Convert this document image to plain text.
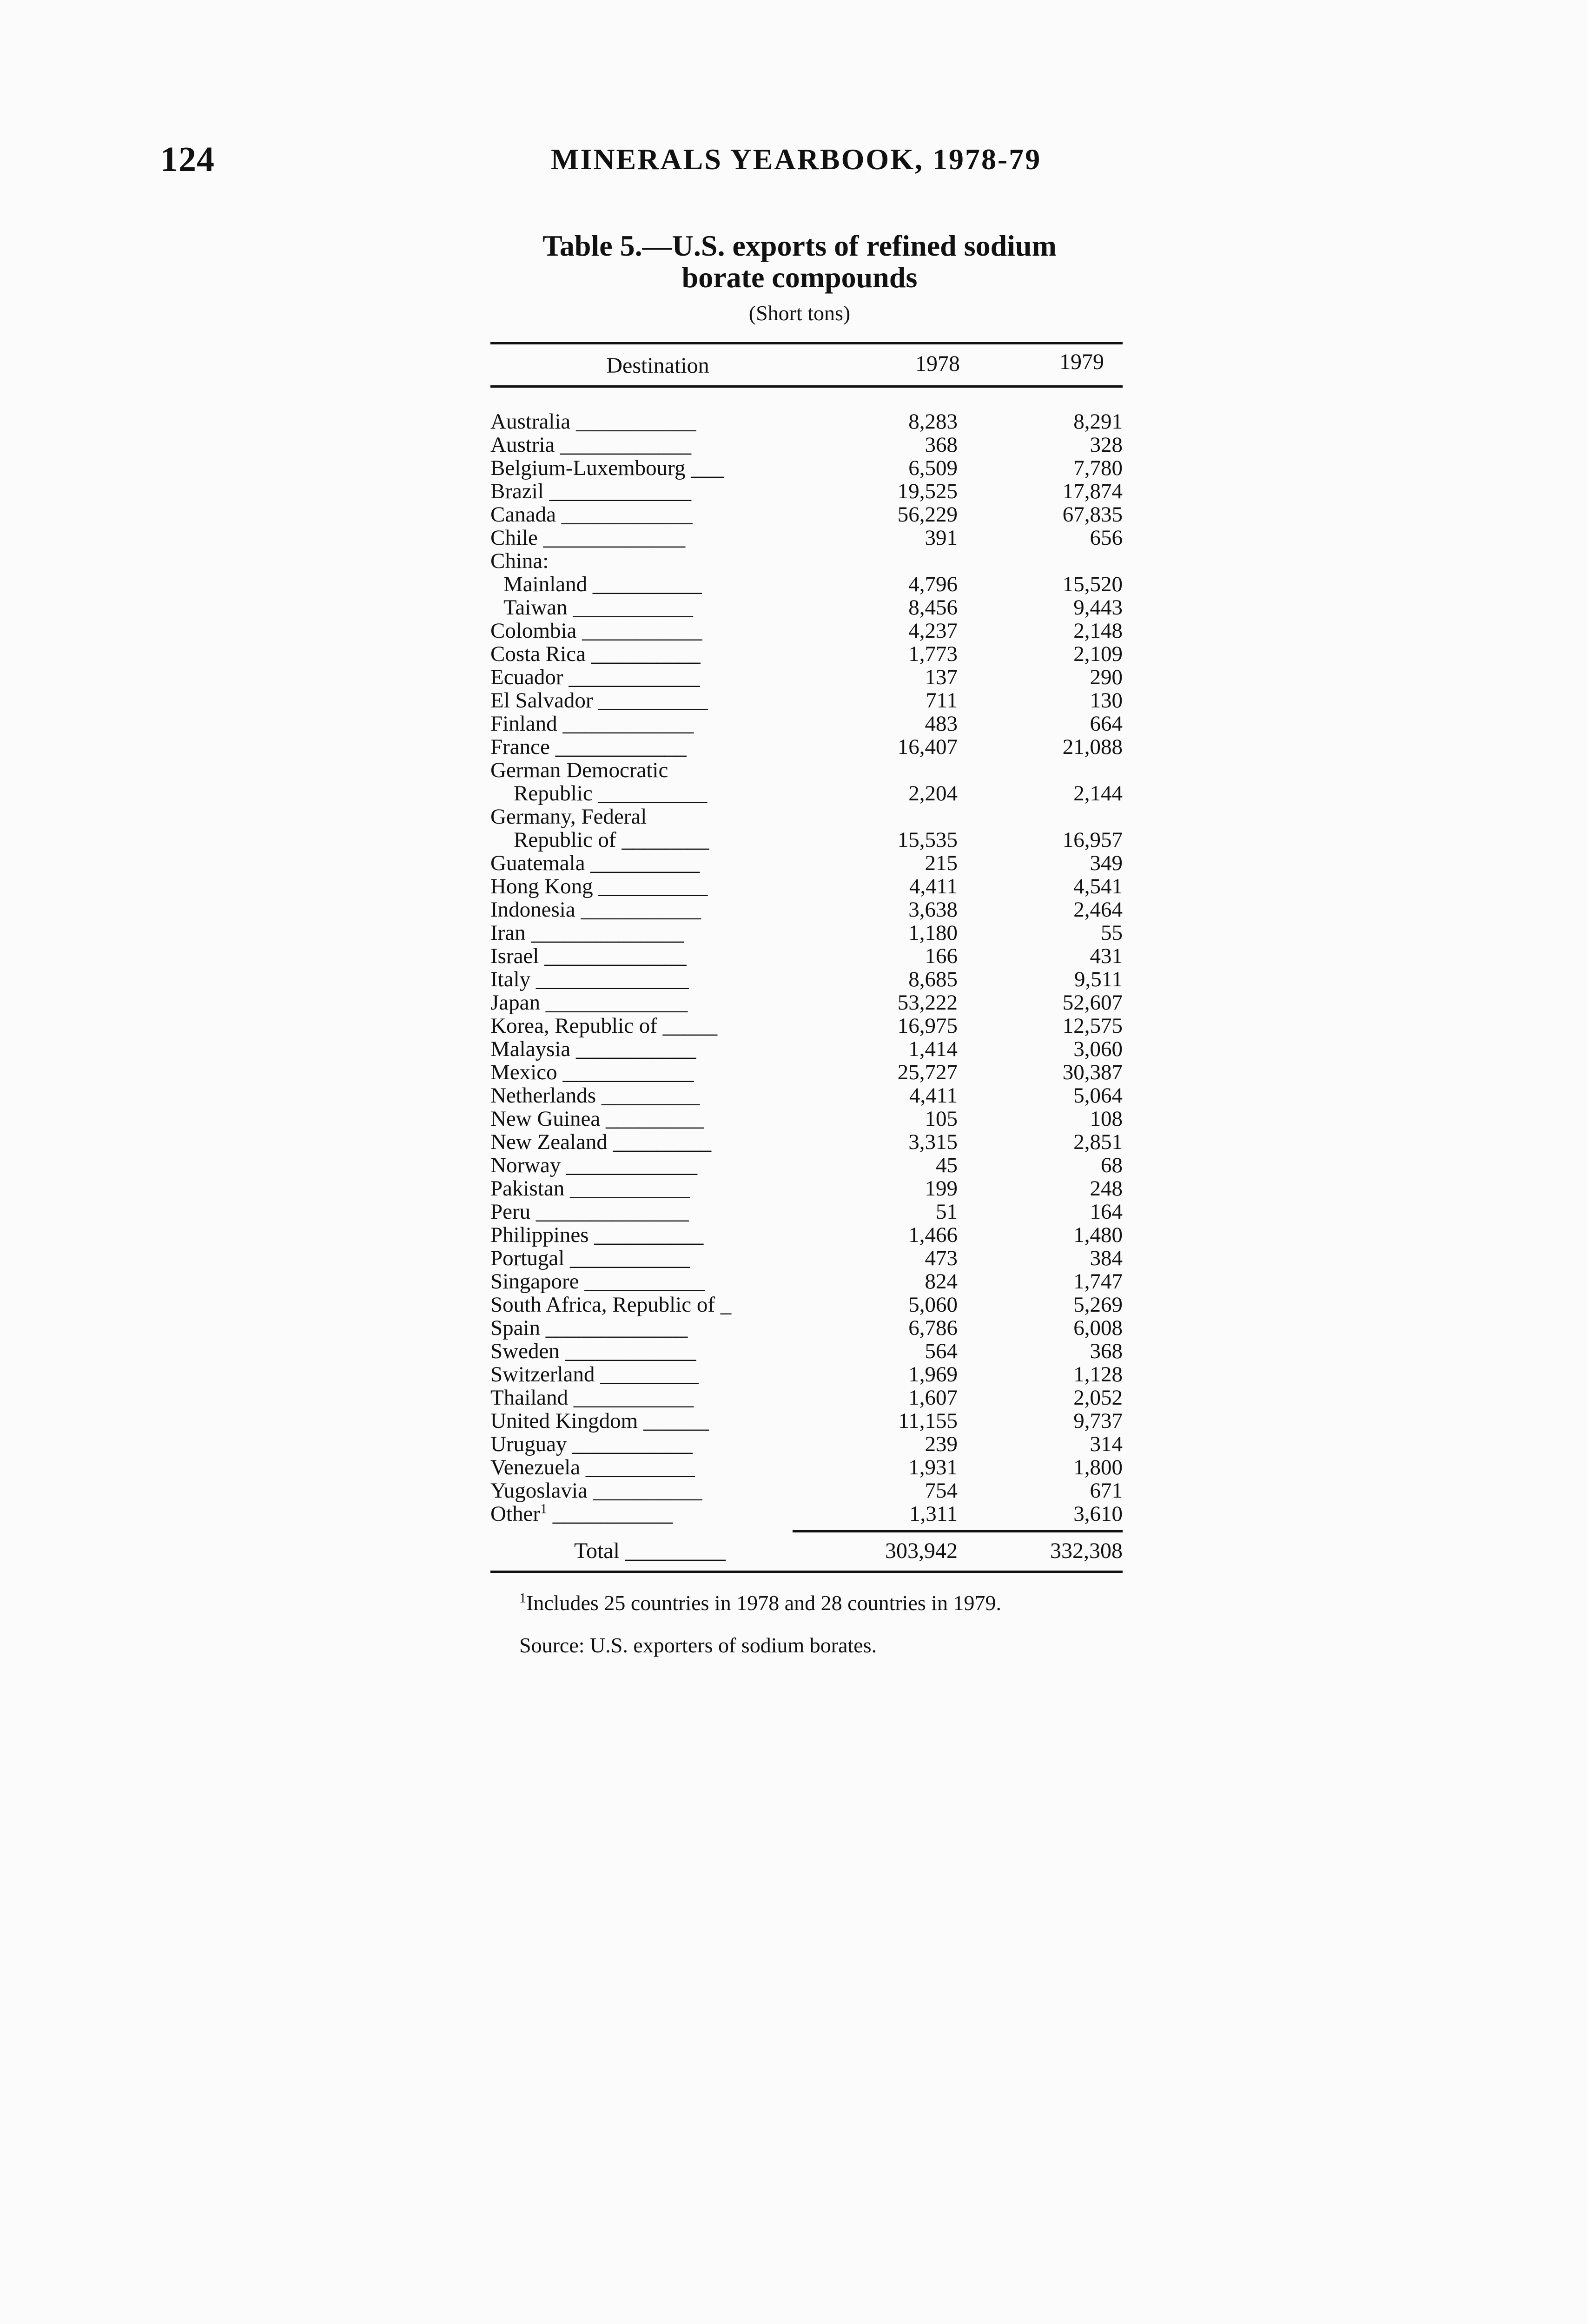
124	MINERALS YEARBOOK, 1978-79
Table 5.—U.S. exports of refined sodium
borate compounds
(Short tons)
Destination	1978	1979
Australia ___________	8,283	8,291
Austria ____________	368	328
Belgium-Luxembourg ___	6,509	7,780
Brazil _____________	19,525	17,874
Canada ____________	56,229	67,835
Chile _____________	391	656
China:
Mainland __________	4,796	15,520
Taiwan ___________	8,456	9,443
Colombia ___________	4,237	2,148
Costa Rica __________	1,773	2,109
Ecuador ____________	137	290
El Salvador __________	711	130
Finland ____________	483	664
France ____________	16,407	21,088
German Democratic
Republic __________	2,204	2,144
Germany, Federal
Republic of ________	15,535	16,957
Guatemala __________	215	349
Hong Kong __________	4,411	4,541
Indonesia ___________	3,638	2,464
Iran ______________	1,180	55
Israel _____________	166	431
Italy ______________	8,685	9,511
Japan _____________	53,222	52,607
Korea, Republic of _____	16,975	12,575
Malaysia ___________	1,414	3,060
Mexico ____________	25,727	30,387
Netherlands _________	4,411	5,064
New Guinea _________	105	108
New Zealand _________	3,315	2,851
Norway ____________	45	68
Pakistan ___________	199	248
Peru ______________	51	164
Philippines __________	1,466	1,480
Portugal ___________	473	384
Singapore ___________	824	1,747
South Africa, Republic of _	5,060	5,269
Spain _____________	6,786	6,008
Sweden ____________	564	368
Switzerland _________	1,969	1,128
Thailand ___________	1,607	2,052
United Kingdom ______	11,155	9,737
Uruguay ___________	239	314
Venezuela __________	1,931	1,800
Yugoslavia __________	754	671
Other$^1$ ___________	1,311	3,610
Total _________	303,942	332,308
$^1$Includes 25 countries in 1978 and 28 countries in 1979.
Source: U.S. exporters of sodium borates.
